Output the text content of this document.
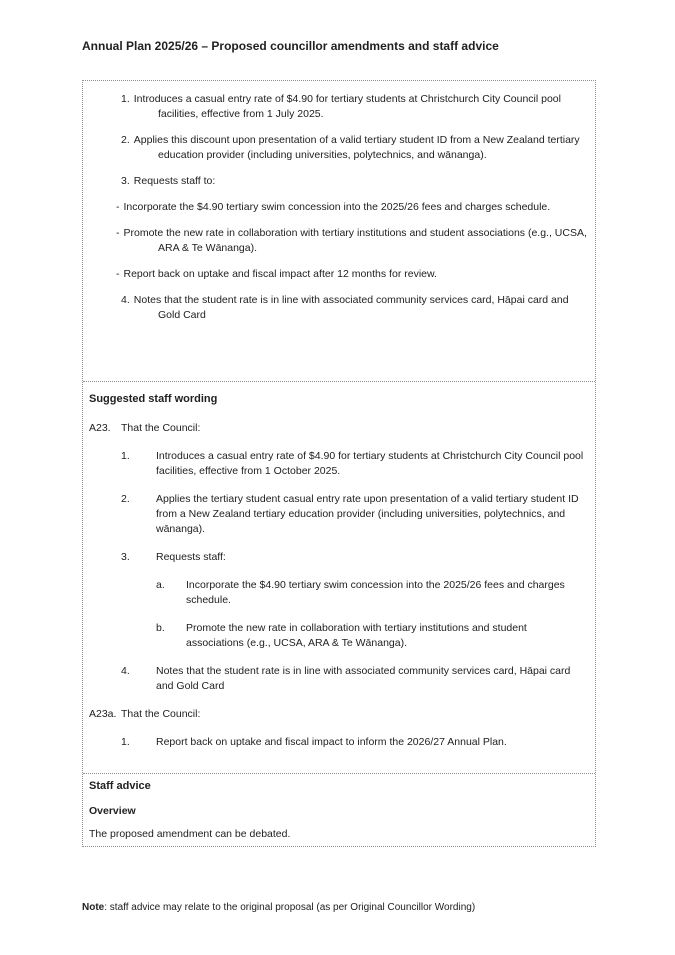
Annual Plan 2025/26 – Proposed councillor amendments and staff advice
1. Introduces a casual entry rate of $4.90 for tertiary students at Christchurch City Council pool facilities, effective from 1 July 2025.
2. Applies this discount upon presentation of a valid tertiary student ID from a New Zealand tertiary education provider (including universities, polytechnics, and wānanga).
3. Requests staff to:
- Incorporate the $4.90 tertiary swim concession into the 2025/26 fees and charges schedule.
- Promote the new rate in collaboration with tertiary institutions and student associations (e.g., UCSA, ARA & Te Wānanga).
- Report back on uptake and fiscal impact after 12 months for review.
4. Notes that the student rate is in line with associated community services card, Hāpai card and Gold Card
Suggested staff wording
A23. That the Council:
1.	Introduces a casual entry rate of $4.90 for tertiary students at Christchurch City Council pool facilities, effective from 1 October 2025.
2.	Applies the tertiary student casual entry rate upon presentation of a valid tertiary student ID from a New Zealand tertiary education provider (including universities, polytechnics, and wānanga).
3.	Requests staff:
a.	Incorporate the $4.90 tertiary swim concession into the 2025/26 fees and charges schedule.
b.	Promote the new rate in collaboration with tertiary institutions and student associations (e.g., UCSA, ARA & Te Wānanga).
4.	Notes that the student rate is in line with associated community services card, Hāpai card and Gold Card
A23a. That the Council:
1.	Report back on uptake and fiscal impact to inform the 2026/27 Annual Plan.
Staff advice
Overview
The proposed amendment can be debated.
Note: staff advice may relate to the original proposal (as per Original Councillor Wording)
